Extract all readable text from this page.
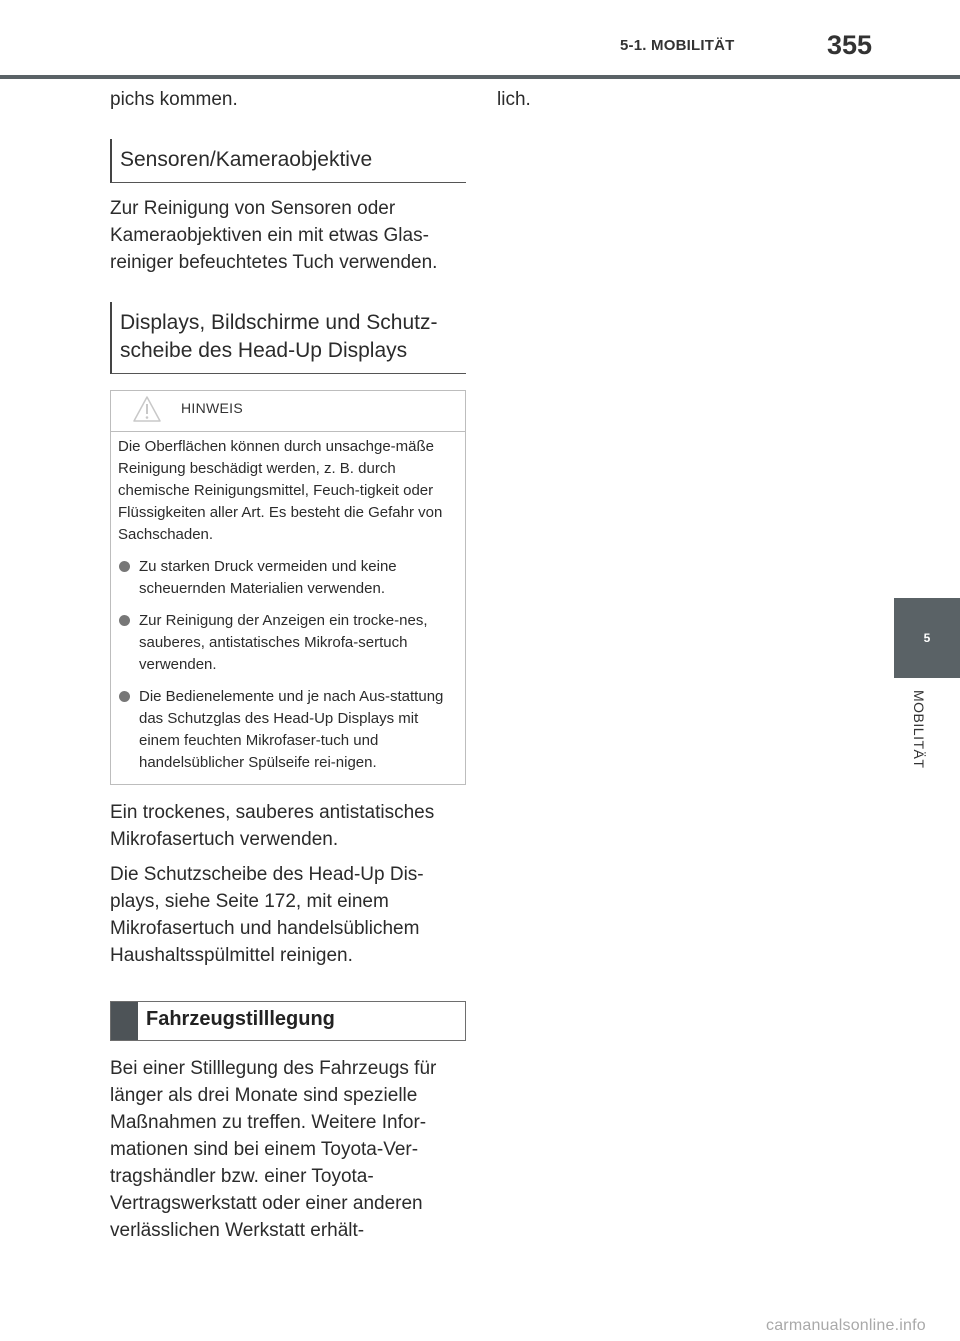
5-1. MOBILITÄT	355
5
MOBILITÄT

pichs kommen.

Sensoren/Kameraobjektive

Zur Reinigung von Sensoren oder Kameraobjektiven ein mit etwas Glas-reiniger befeuchtetes Tuch verwenden.

Displays, Bildschirme und Schutz-scheibe des Head-Up Displays
HINWEIS

Die Oberflächen können durch unsachge-mäße Reinigung beschädigt werden, z. B. durch chemische Reinigungsmittel, Feuch-tigkeit oder Flüssigkeiten aller Art. Es besteht die Gefahr von Sachschaden.

Zu starken Druck vermeiden und keine scheuernden Materialien verwenden.
Zur Reinigung der Anzeigen ein trocke-nes, sauberes, antistatisches Mikrofa-sertuch verwenden.
Die Bedienelemente und je nach Aus-stattung das Schutzglas des Head-Up Displays mit einem feuchten Mikrofaser-tuch und handelsüblicher Spülseife rei-nigen.

Ein trockenes, sauberes antistatisches Mikrofasertuch verwenden.

Die Schutzscheibe des Head-Up Dis-plays, siehe Seite 172, mit einem Mikrofasertuch und handelsüblichem Haushaltsspülmittel reinigen.

Fahrzeugstilllegung

Bei einer Stilllegung des Fahrzeugs für länger als drei Monate sind spezielle Maßnahmen zu treffen. Weitere Infor-mationen sind bei einem Toyota-Ver-tragshändler bzw. einer Toyota-Vertragswerkstatt oder einer anderen verlässlichen Werkstatt erhält-

lich.

carmanualsonline.info
